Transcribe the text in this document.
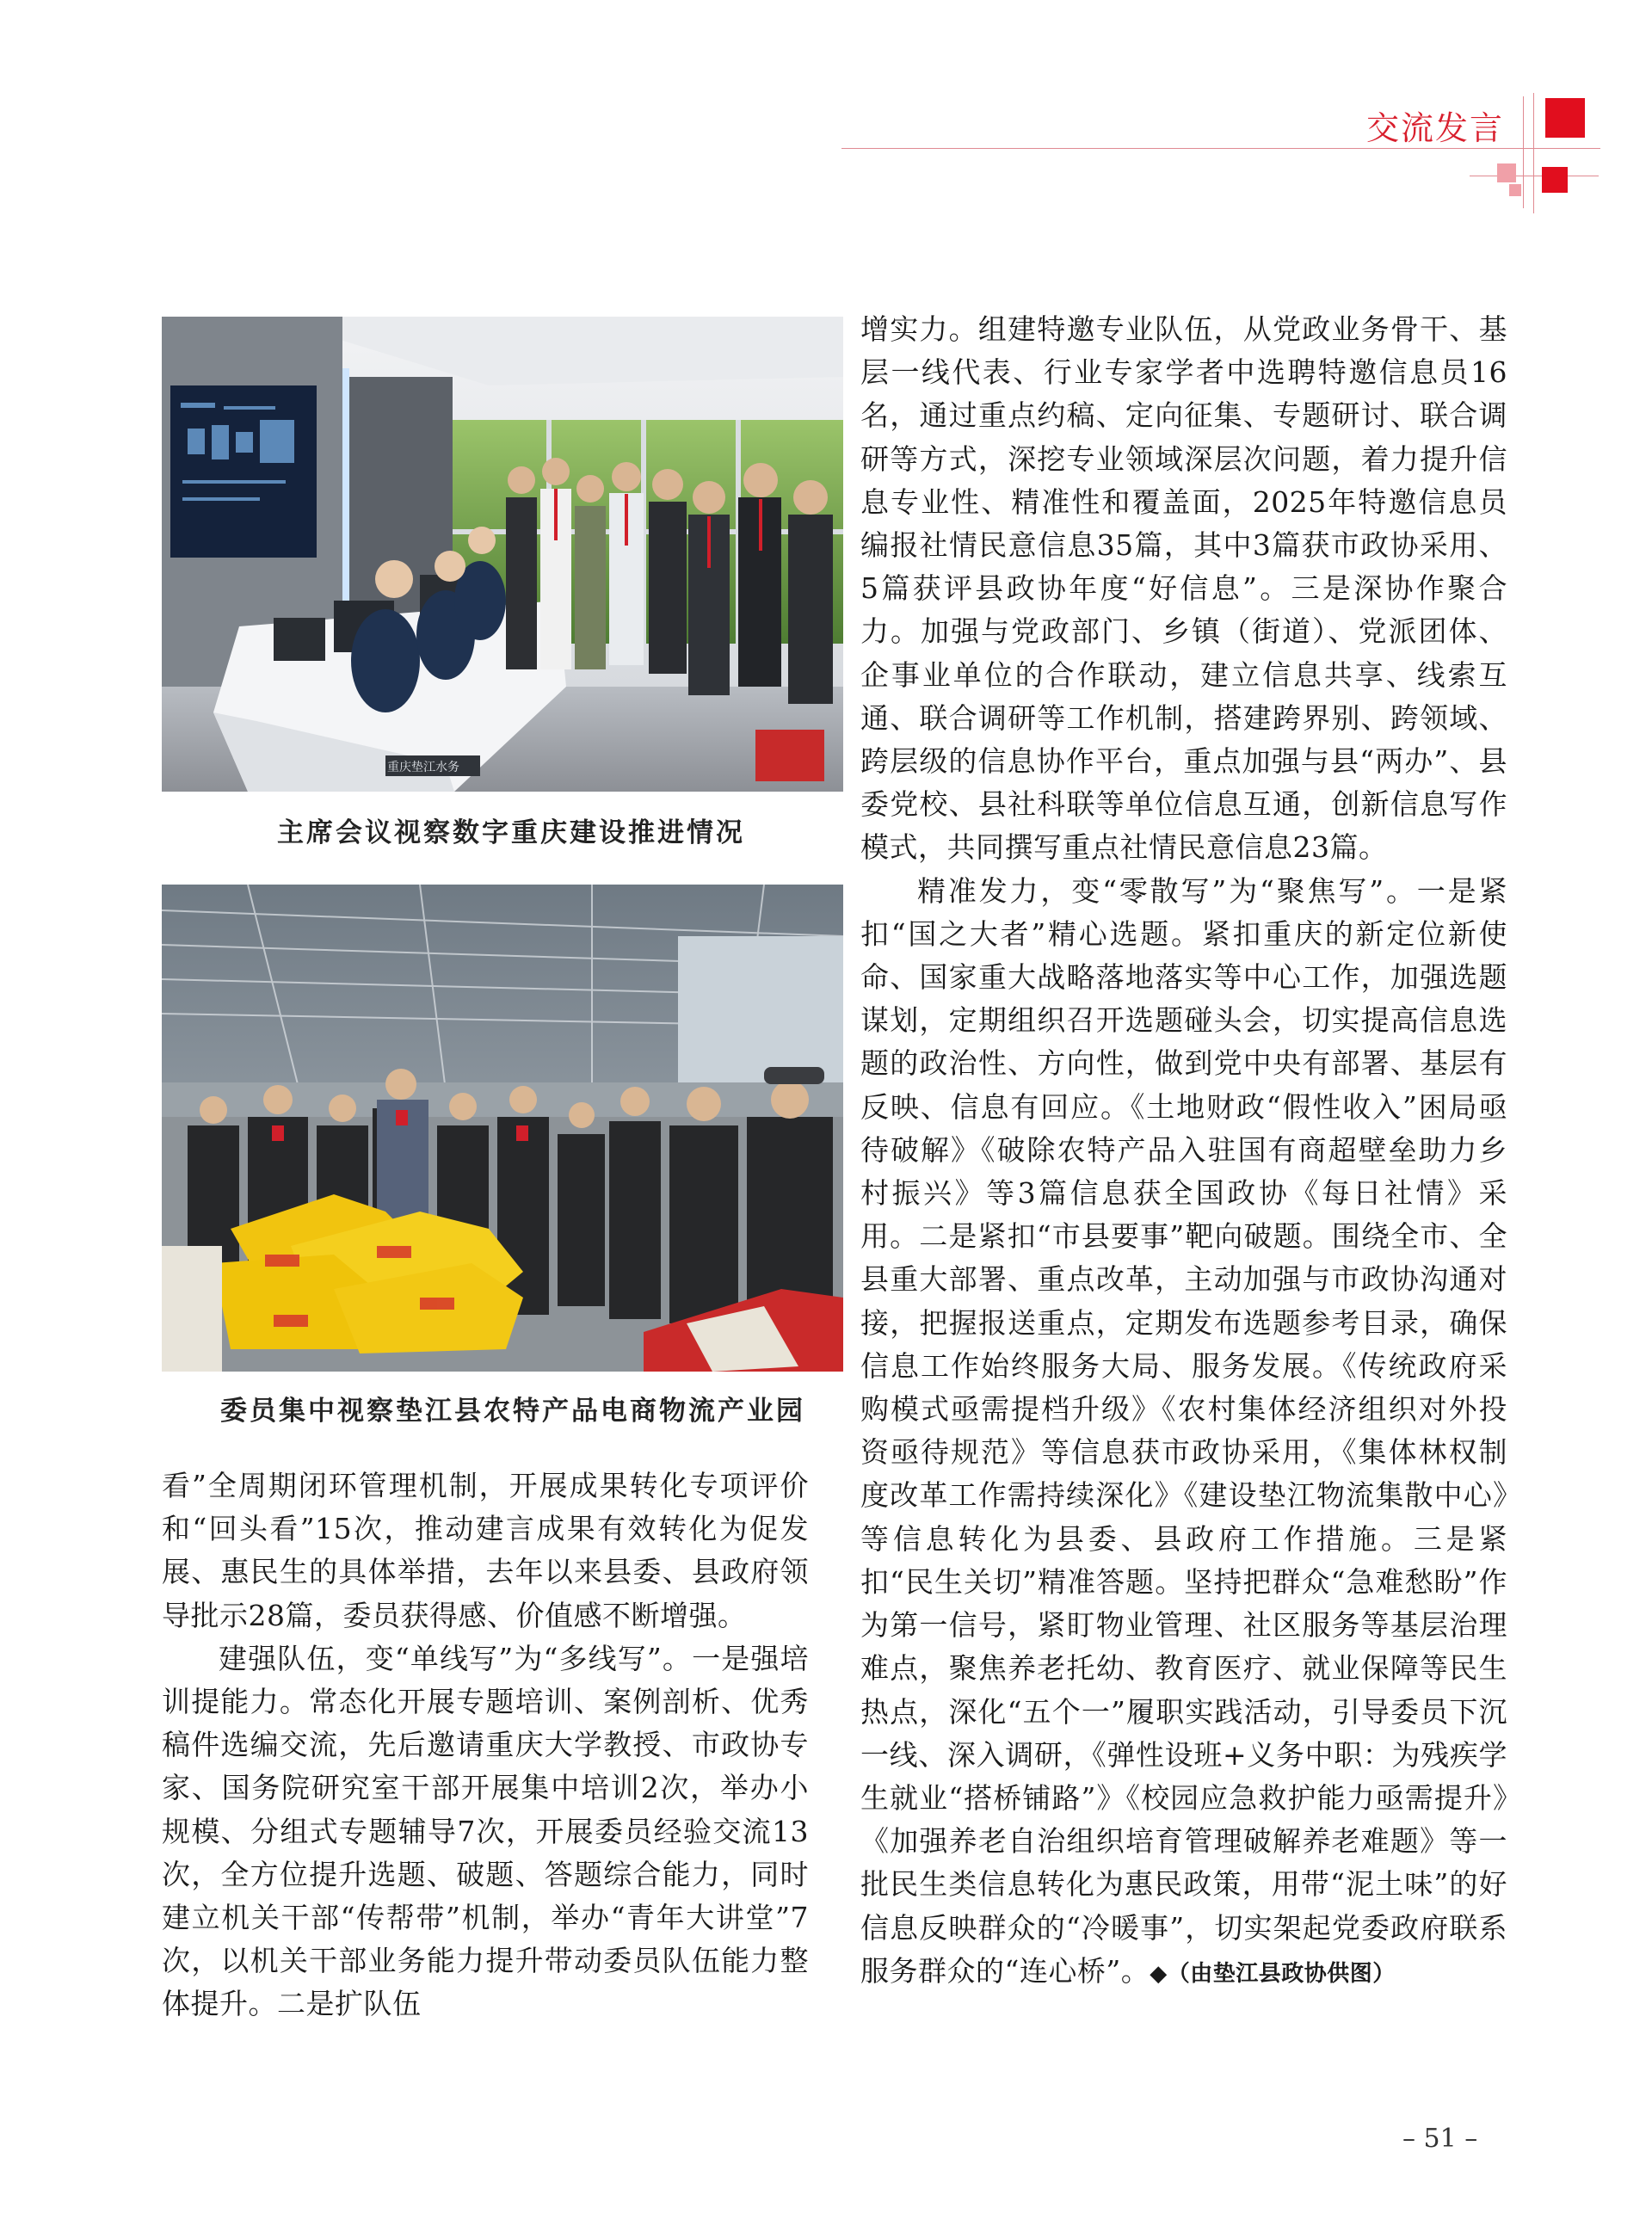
交流发言
重庆垫江水务
主席会议视察数字重庆建设推进情况
委员集中视察垫江县农特产品电商物流产业园

看”全周期闭环管理机制，开展成果转化专项评价和“回头看”15次，推动建言成果有效转化为促发展、惠民生的具体举措，去年以来县委、县政府领导批示28篇，委员获得感、价值感不断增强。

建强队伍，变“单线写”为“多线写”。一是强培训提能力。常态化开展专题培训、案例剖析、优秀稿件选编交流，先后邀请重庆大学教授、市政协专家、国务院研究室干部开展集中培训2次，举办小规模、分组式专题辅导7次，开展委员经验交流13次，全方位提升选题、破题、答题综合能力，同时建立机关干部“传帮带”机制，举办“青年大讲堂”7次，以机关干部业务能力提升带动委员队伍能力整体提升。二是扩队伍

增实力。组建特邀专业队伍，从党政业务骨干、基层一线代表、行业专家学者中选聘特邀信息员16名，通过重点约稿、定向征集、专题研讨、联合调研等方式，深挖专业领域深层次问题，着力提升信息专业性、精准性和覆盖面，2025年特邀信息员编报社情民意信息35篇，其中3篇获市政协采用、5篇获评县政协年度“好信息”。三是深协作聚合力。加强与党政部门、乡镇（街道）、党派团体、企事业单位的合作联动，建立信息共享、线索互通、联合调研等工作机制，搭建跨界别、跨领域、跨层级的信息协作平台，重点加强与县“两办”、县委党校、县社科联等单位信息互通，创新信息写作模式，共同撰写重点社情民意信息23篇。

精准发力，变“零散写”为“聚焦写”。一是紧扣“国之大者”精心选题。紧扣重庆的新定位新使命、国家重大战略落地落实等中心工作，加强选题谋划，定期组织召开选题碰头会，切实提高信息选题的政治性、方向性，做到党中央有部署、基层有反映、信息有回应。《土地财政“假性收入”困局亟待破解》《破除农特产品入驻国有商超壁垒助力乡村振兴》等3篇信息获全国政协《每日社情》采用。二是紧扣“市县要事”靶向破题。围绕全市、全县重大部署、重点改革，主动加强与市政协沟通对接，把握报送重点，定期发布选题参考目录，确保信息工作始终服务大局、服务发展。《传统政府采购模式亟需提档升级》《农村集体经济组织对外投资亟待规范》等信息获市政协采用，《集体林权制度改革工作需持续深化》《建设垫江物流集散中心》等信息转化为县委、县政府工作措施。三是紧扣“民生关切”精准答题。坚持把群众“急难愁盼”作为第一信号，紧盯物业管理、社区服务等基层治理难点，聚焦养老托幼、教育医疗、就业保障等民生热点，深化“五个一”履职实践活动，引导委员下沉一线、深入调研，《弹性设班+义务中职：为残疾学生就业“搭桥铺路”》《校园应急救护能力亟需提升》《加强养老自治组织培育管理破解养老难题》等一批民生类信息转化为惠民政策，用带“泥土味”的好信息反映群众的“冷暖事”，切实架起党委政府联系服务群众的“连心桥”。◆（由垫江县政协供图）

– 51 –
